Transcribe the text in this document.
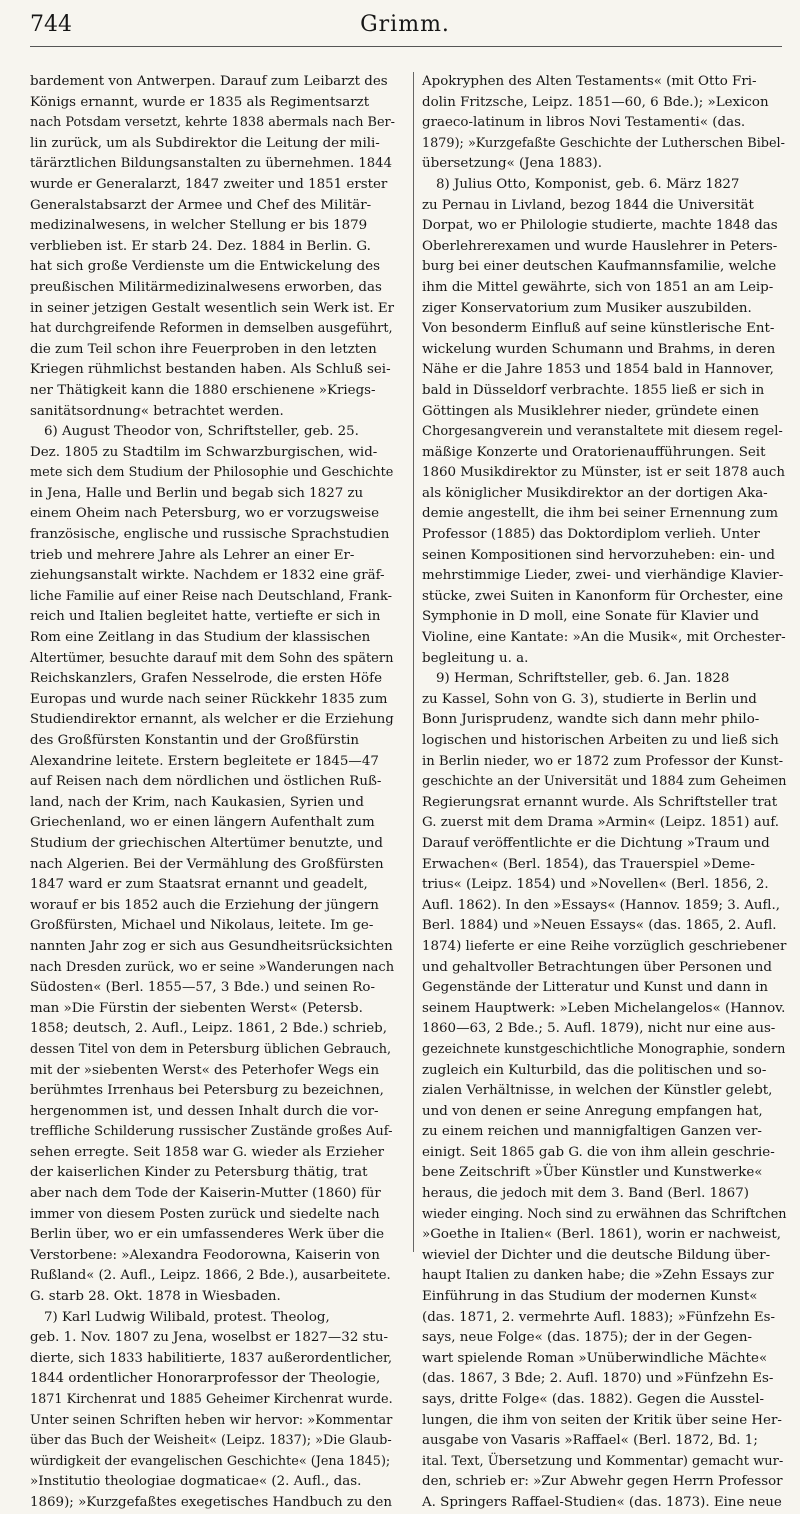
744	Grimm.
bardement von Antwerpen. Darauf zum Leibarzt des
Königs ernannt, wurde er 1835 als Regimentsarzt
nach Potsdam versetzt, kehrte 1838 abermals nach Ber-
lin zurück, um als Subdirektor die Leitung der mili-
tärärztlichen Bildungsanstalten zu übernehmen. 1844
wurde er Generalarzt, 1847 zweiter und 1851 erster
Generalstabsarzt der Armee und Chef des Militär-
medizinalwesens, in welcher Stellung er bis 1879
verblieben ist. Er starb 24. Dez. 1884 in Berlin. G.
hat sich große Verdienste um die Entwickelung des
preußischen Militärmedizinalwesens erworben, das
in seiner jetzigen Gestalt wesentlich sein Werk ist. Er
hat durchgreifende Reformen in demselben ausgeführt,
die zum Teil schon ihre Feuerproben in den letzten
Kriegen rühmlichst bestanden haben. Als Schluß sei-
ner Thätigkeit kann die 1880 erschienene »Kriegs-
sanitätsordnung« betrachtet werden.
6) August Theodor von, Schriftsteller, geb. 25.
Dez. 1805 zu Stadtilm im Schwarzburgischen, wid-
mete sich dem Studium der Philosophie und Geschichte
in Jena, Halle und Berlin und begab sich 1827 zu
einem Oheim nach Petersburg, wo er vorzugsweise
französische, englische und russische Sprachstudien
trieb und mehrere Jahre als Lehrer an einer Er-
ziehungsanstalt wirkte. Nachdem er 1832 eine gräf-
liche Familie auf einer Reise nach Deutschland, Frank-
reich und Italien begleitet hatte, vertiefte er sich in
Rom eine Zeitlang in das Studium der klassischen
Altertümer, besuchte darauf mit dem Sohn des spätern
Reichskanzlers, Grafen Nesselrode, die ersten Höfe
Europas und wurde nach seiner Rückkehr 1835 zum
Studiendirektor ernannt, als welcher er die Erziehung
des Großfürsten Konstantin und der Großfürstin
Alexandrine leitete. Erstern begleitete er 1845—47
auf Reisen nach dem nördlichen und östlichen Ruß-
land, nach der Krim, nach Kaukasien, Syrien und
Griechenland, wo er einen längern Aufenthalt zum
Studium der griechischen Altertümer benutzte, und
nach Algerien. Bei der Vermählung des Großfürsten
1847 ward er zum Staatsrat ernannt und geadelt,
worauf er bis 1852 auch die Erziehung der jüngern
Großfürsten, Michael und Nikolaus, leitete. Im ge-
nannten Jahr zog er sich aus Gesundheitsrücksichten
nach Dresden zurück, wo er seine »Wanderungen nach
Südosten« (Berl. 1855—57, 3 Bde.) und seinen Ro-
man »Die Fürstin der siebenten Werst« (Petersb.
1858; deutsch, 2. Aufl., Leipz. 1861, 2 Bde.) schrieb,
dessen Titel von dem in Petersburg üblichen Gebrauch,
mit der »siebenten Werst« des Peterhofer Wegs ein
berühmtes Irrenhaus bei Petersburg zu bezeichnen,
hergenommen ist, und dessen Inhalt durch die vor-
treffliche Schilderung russischer Zustände großes Auf-
sehen erregte. Seit 1858 war G. wieder als Erzieher
der kaiserlichen Kinder zu Petersburg thätig, trat
aber nach dem Tode der Kaiserin-Mutter (1860) für
immer von diesem Posten zurück und siedelte nach
Berlin über, wo er ein umfassenderes Werk über die
Verstorbene: »Alexandra Feodorowna, Kaiserin von
Rußland« (2. Aufl., Leipz. 1866, 2 Bde.), ausarbeitete.
G. starb 28. Okt. 1878 in Wiesbaden.
7) Karl Ludwig Wilibald, protest. Theolog,
geb. 1. Nov. 1807 zu Jena, woselbst er 1827—32 stu-
dierte, sich 1833 habilitierte, 1837 außerordentlicher,
1844 ordentlicher Honorarprofessor der Theologie,
1871 Kirchenrat und 1885 Geheimer Kirchenrat wurde.
Unter seinen Schriften heben wir hervor: »Kommentar
über das Buch der Weisheit« (Leipz. 1837); »Die Glaub-
würdigkeit der evangelischen Geschichte« (Jena 1845);
»Institutio theologiae dogmaticae« (2. Aufl., das.
1869); »Kurzgefaßtes exegetisches Handbuch zu den
Apokryphen des Alten Testaments« (mit Otto Fri-
dolin Fritzsche, Leipz. 1851—60, 6 Bde.); »Lexicon
graeco-latinum in libros Novi Testamenti« (das.
1879); »Kurzgefaßte Geschichte der Lutherschen Bibel-
übersetzung« (Jena 1883).
8) Julius Otto, Komponist, geb. 6. März 1827
zu Pernau in Livland, bezog 1844 die Universität
Dorpat, wo er Philologie studierte, machte 1848 das
Oberlehrerexamen und wurde Hauslehrer in Peters-
burg bei einer deutschen Kaufmannsfamilie, welche
ihm die Mittel gewährte, sich von 1851 an am Leip-
ziger Konservatorium zum Musiker auszubilden.
Von besonderm Einfluß auf seine künstlerische Ent-
wickelung wurden Schumann und Brahms, in deren
Nähe er die Jahre 1853 und 1854 bald in Hannover,
bald in Düsseldorf verbrachte. 1855 ließ er sich in
Göttingen als Musiklehrer nieder, gründete einen
Chorgesangverein und veranstaltete mit diesem regel-
mäßige Konzerte und Oratorienaufführungen. Seit
1860 Musikdirektor zu Münster, ist er seit 1878 auch
als königlicher Musikdirektor an der dortigen Aka-
demie angestellt, die ihm bei seiner Ernennung zum
Professor (1885) das Doktordiplom verlieh. Unter
seinen Kompositionen sind hervorzuheben: ein- und
mehrstimmige Lieder, zwei- und vierhändige Klavier-
stücke, zwei Suiten in Kanonform für Orchester, eine
Symphonie in D moll, eine Sonate für Klavier und
Violine, eine Kantate: »An die Musik«, mit Orchester-
begleitung u. a.
9) Herman, Schriftsteller, geb. 6. Jan. 1828
zu Kassel, Sohn von G. 3), studierte in Berlin und
Bonn Jurisprudenz, wandte sich dann mehr philo-
logischen und historischen Arbeiten zu und ließ sich
in Berlin nieder, wo er 1872 zum Professor der Kunst-
geschichte an der Universität und 1884 zum Geheimen
Regierungsrat ernannt wurde. Als Schriftsteller trat
G. zuerst mit dem Drama »Armin« (Leipz. 1851) auf.
Darauf veröffentlichte er die Dichtung »Traum und
Erwachen« (Berl. 1854), das Trauerspiel »Deme-
trius« (Leipz. 1854) und »Novellen« (Berl. 1856, 2.
Aufl. 1862). In den »Essays« (Hannov. 1859; 3. Aufl.,
Berl. 1884) und »Neuen Essays« (das. 1865, 2. Aufl.
1874) lieferte er eine Reihe vorzüglich geschriebener
und gehaltvoller Betrachtungen über Personen und
Gegenstände der Litteratur und Kunst und dann in
seinem Hauptwerk: »Leben Michelangelos« (Hannov.
1860—63, 2 Bde.; 5. Aufl. 1879), nicht nur eine aus-
gezeichnete kunstgeschichtliche Monographie, sondern
zugleich ein Kulturbild, das die politischen und so-
zialen Verhältnisse, in welchen der Künstler gelebt,
und von denen er seine Anregung empfangen hat,
zu einem reichen und mannigfaltigen Ganzen ver-
einigt. Seit 1865 gab G. die von ihm allein geschrie-
bene Zeitschrift »Über Künstler und Kunstwerke«
heraus, die jedoch mit dem 3. Band (Berl. 1867)
wieder einging. Noch sind zu erwähnen das Schriftchen
»Goethe in Italien« (Berl. 1861), worin er nachweist,
wieviel der Dichter und die deutsche Bildung über-
haupt Italien zu danken habe; die »Zehn Essays zur
Einführung in das Studium der modernen Kunst«
(das. 1871, 2. vermehrte Aufl. 1883); »Fünfzehn Es-
says, neue Folge« (das. 1875); der in der Gegen-
wart spielende Roman »Unüberwindliche Mächte«
(das. 1867, 3 Bde; 2. Aufl. 1870) und »Fünfzehn Es-
says, dritte Folge« (das. 1882). Gegen die Ausstel-
lungen, die ihm von seiten der Kritik über seine Her-
ausgabe von Vasaris »Raffael« (Berl. 1872, Bd. 1;
ital. Text, Übersetzung und Kommentar) gemacht wur-
den, schrieb er: »Zur Abwehr gegen Herrn Professor
A. Springers Raffael-Studien« (das. 1873). Eine neue
